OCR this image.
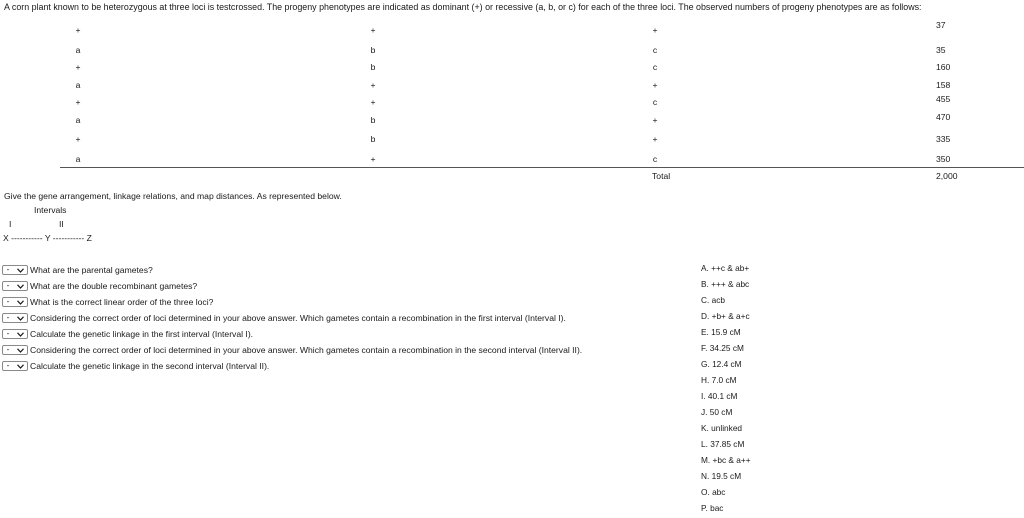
A corn plant known to be heterozygous at three loci is testcrossed. The progeny phenotypes are indicated as dominant (+) or recessive (a, b, or c) for each of the three loci. The observed numbers of progeny phenotypes are as follows:
+	+	+	37
a	b	c	35
+	b	c	160
a	+	+	158
+	+	c	455
a	b	+	470
+	b	+	335
a	+	c	350
Total	2,000
Give the gene arrangement, linkage relations, and map distances. As represented below.
Intervals
I	II
X ----------- Y ----------- Z
-	What are the parental gametes?
-	What are the double recombinant gametes?
-	What is the correct linear order of the three loci?
-	Considering the correct order of loci determined in your above answer. Which gametes contain a recombination in the first interval (Interval I).
-	Calculate the genetic linkage in the first interval (Interval I).
-	Considering the correct order of loci determined in your above answer. Which gametes contain a recombination in the second interval (Interval II).
-	Calculate the genetic linkage in the second interval (Interval II).
A. ++c & ab+
B. +++ & abc
C. acb
D. +b+ & a+c
E. 15.9 cM
F. 34.25 cM
G. 12.4 cM
H. 7.0 cM
I. 40.1 cM
J. 50 cM
K. unlinked
L. 37.85 cM
M. +bc & a++
N. 19.5 cM
O. abc
P. bac
